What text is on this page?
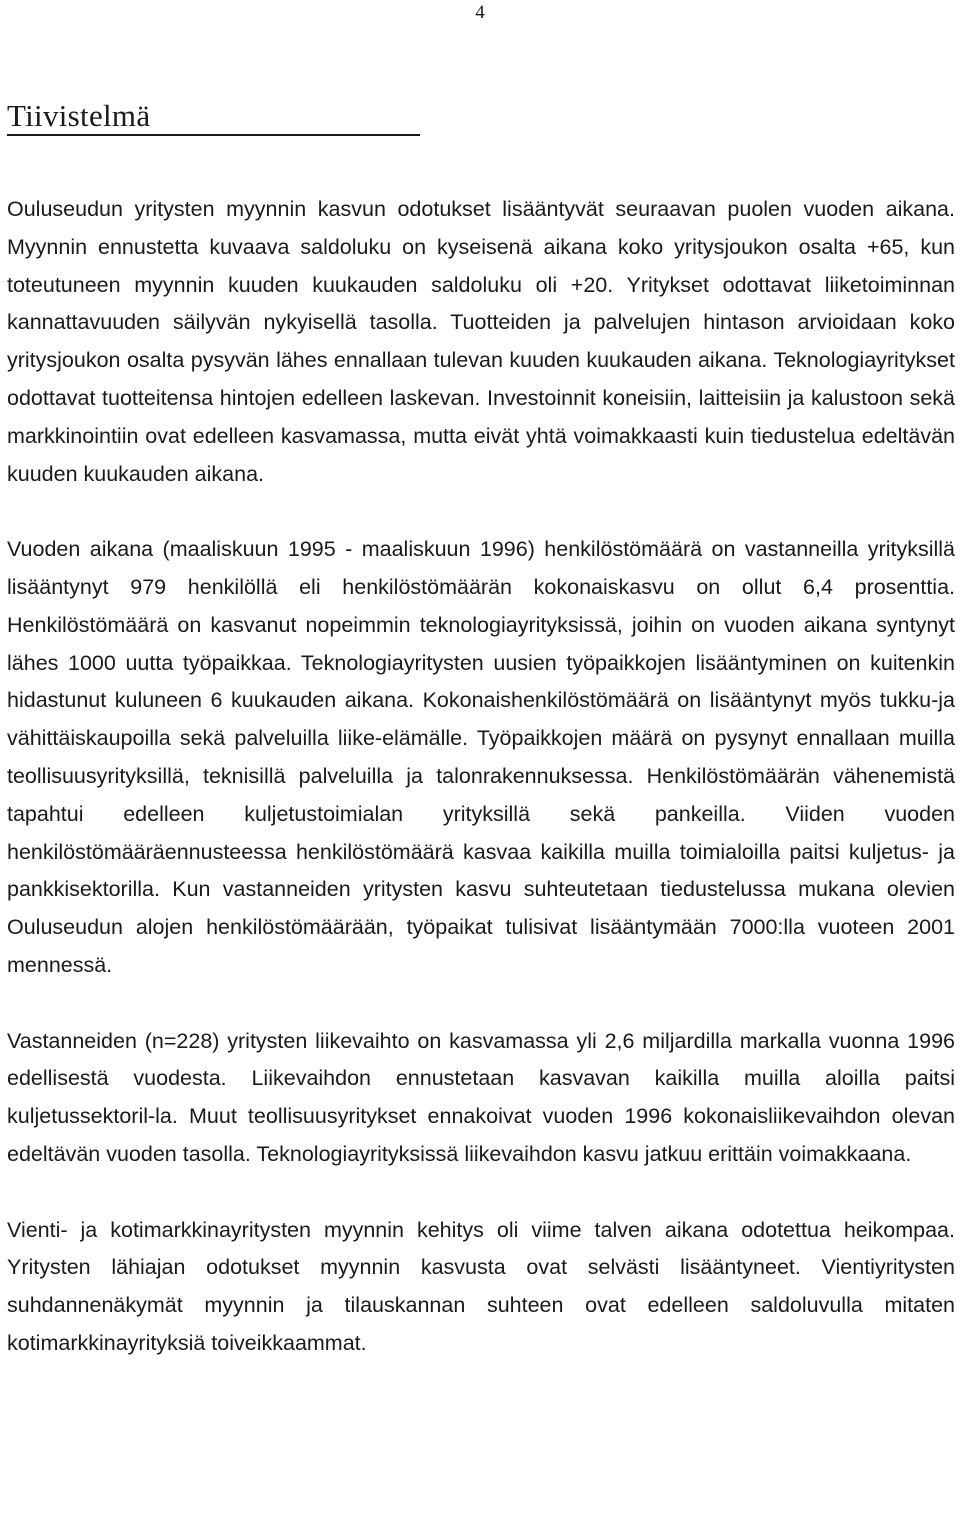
4
Tiivistelmä

Ouluseudun yritysten myynnin kasvun odotukset lisääntyvät seuraavan puolen vuoden aikana. Myynnin ennustetta kuvaava saldoluku on kyseisenä aikana koko yritysjoukon osalta +65, kun toteutuneen myynnin kuuden kuukauden saldoluku oli +20. Yritykset odottavat liiketoiminnan kannattavuuden säilyvän nykyisellä tasolla. Tuotteiden ja palvelujen hintason arvioidaan koko yritysjoukon osalta pysyvän lähes ennallaan tulevan kuuden kuukauden aikana. Teknologiayritykset odottavat tuotteitensa hintojen edelleen laskevan. Investoinnit koneisiin, laitteisiin ja kalustoon sekä markkinointiin ovat edelleen kasvamassa, mutta eivät yhtä voimakkaasti kuin tiedustelua edeltävän kuuden kuukauden aikana.

Vuoden aikana (maaliskuun 1995 - maaliskuun 1996) henkilöstömäärä on vastanneilla yrityksillä lisääntynyt 979 henkilöllä eli henkilöstömäärän kokonaiskasvu on ollut 6,4 prosenttia. Henkilöstömäärä on kasvanut nopeimmin teknologiayrityksissä, joihin on vuoden aikana syntynyt lähes 1000 uutta työpaikkaa. Teknologiayritysten uusien työpaikkojen lisääntyminen on kuitenkin hidastunut kuluneen 6 kuukauden aikana. Kokonaishenkilöstömäärä on lisääntynyt myös tukku-ja vähittäiskaupoilla sekä palveluilla liike-elämälle. Työpaikkojen määrä on pysynyt ennallaan muilla teollisuusyrityksillä, teknisillä palveluilla ja talonrakennuksessa. Henkilöstömäärän vähenemistä tapahtui edelleen kuljetustoimialan yrityksillä sekä pankeilla. Viiden vuoden henkilöstömääräennusteessa henkilöstömäärä kasvaa kaikilla muilla toimialoilla paitsi kuljetus- ja pankkisektorilla. Kun vastanneiden yritysten kasvu suhteutetaan tiedustelussa mukana olevien Ouluseudun alojen henkilöstömäärään, työpaikat tulisivat lisääntymään 7000:lla vuoteen 2001 mennessä.

Vastanneiden (n=228) yritysten liikevaihto on kasvamassa yli 2,6 miljardilla markalla vuonna 1996 edellisestä vuodesta. Liikevaihdon ennustetaan kasvavan kaikilla muilla aloilla paitsi kuljetussektoril-la. Muut teollisuusyritykset ennakoivat vuoden 1996 kokonaisliikevaihdon olevan edeltävän vuoden tasolla. Teknologiayrityksissä liikevaihdon kasvu jatkuu erittäin voimakkaana.

Vienti- ja kotimarkkinayritysten myynnin kehitys oli viime talven aikana odotettua heikompaa. Yritysten lähiajan odotukset myynnin kasvusta ovat selvästi lisääntyneet. Vientiyritysten suhdannenäkymät myynnin ja tilauskannan suhteen ovat edelleen saldoluvulla mitaten kotimarkkinayrityksiä toiveikkaammat.
